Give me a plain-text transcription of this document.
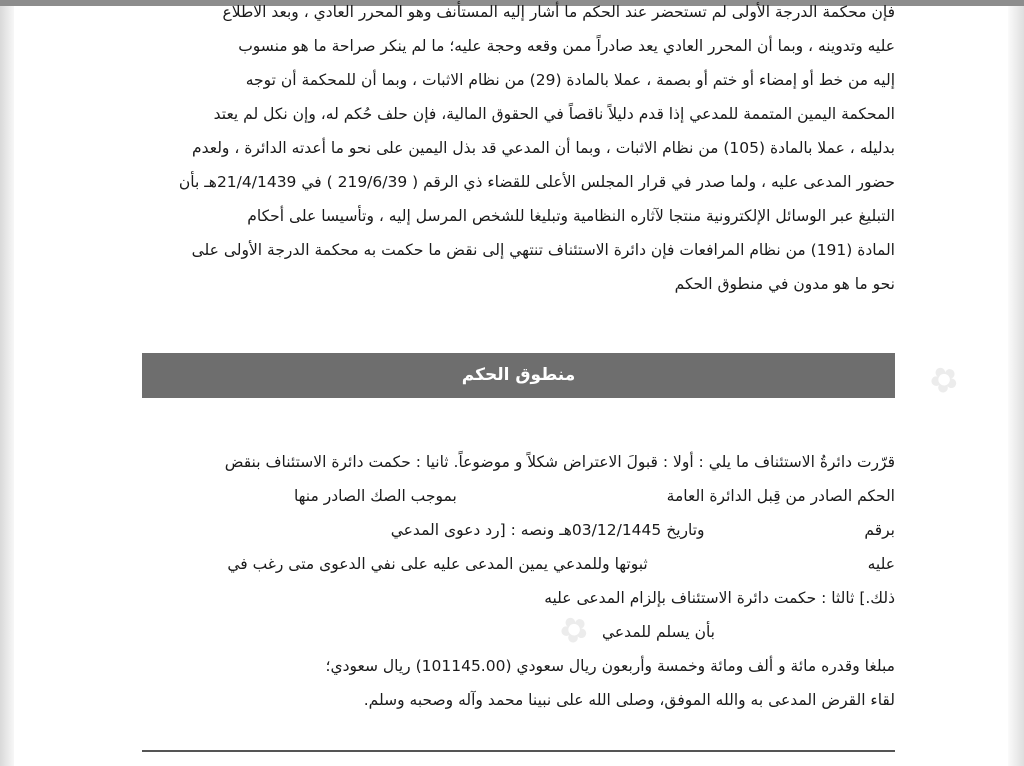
✿
✿

فإن محكمة الدرجة الأولى لم تستحضر عند الحكم ما أشار إليه المستأنف وهو المحرر العادي ، وبعد الاطلاع

عليه وتدوينه ، وبما أن المحرر العادي يعد صادراً ممن وقعه وحجة عليه؛ ما لم ينكر صراحة ما هو منسوب

إليه من خط أو إمضاء أو ختم أو بصمة ، عملا بالمادة (29) من نظام الاثبات ، وبما أن للمحكمة أن توجه

المحكمة اليمين المتممة للمدعي إذا قدم دليلاً ناقصاً في الحقوق المالية، فإن حلف حُكم له، وإن نكل لم يعتد

بدليله ، عملا بالمادة (105) من نظام الاثبات ، وبما أن المدعي قد بذل اليمين على نحو ما أعدته الدائرة ، ولعدم

حضور المدعى عليه ، ولما صدر في قرار المجلس الأعلى للقضاء ذي الرقم ( 219/6/39 ) في 21/4/1439هـ بأن

التبليغ عبر الوسائل الإلكترونية منتجا لآثاره النظامية وتبليغا للشخص المرسل إليه ، وتأسيسا على أحكام

المادة (191) من نظام المرافعات فإن دائرة الاستئناف تنتهي إلى نقض ما حكمت به محكمة الدرجة الأولى على

نحو ما هو مدون في منطوق الحكم

منطوق الحكم

قرّرت دائرةُ الاستئناف ما يلي : أولا : قبولَ الاعتراض شكلاً و موضوعاً. ثانيا : حكمت دائرة الاستئناف بنقض

الحكم الصادر من قِبل الدائرة العامة  بموجب الصك الصادر منها

برقم  وتاريخ 03/12/1445هـ ونصه : [رد دعوى المدعي

عليه  ثبوتها وللمدعي يمين المدعى عليه على نفي الدعوى متى رغب في

ذلك.] ثالثا : حكمت دائرة الاستئناف بإلزام المدعى عليه

بأن يسلم للمدعي

مبلغا وقدره مائة و ألف ومائة وخمسة وأربعون ريال سعودي (101145.00) ريال سعودي؛

لقاء القرض المدعى به والله الموفق، وصلى الله على نبينا محمد وآله وصحبه وسلم.
